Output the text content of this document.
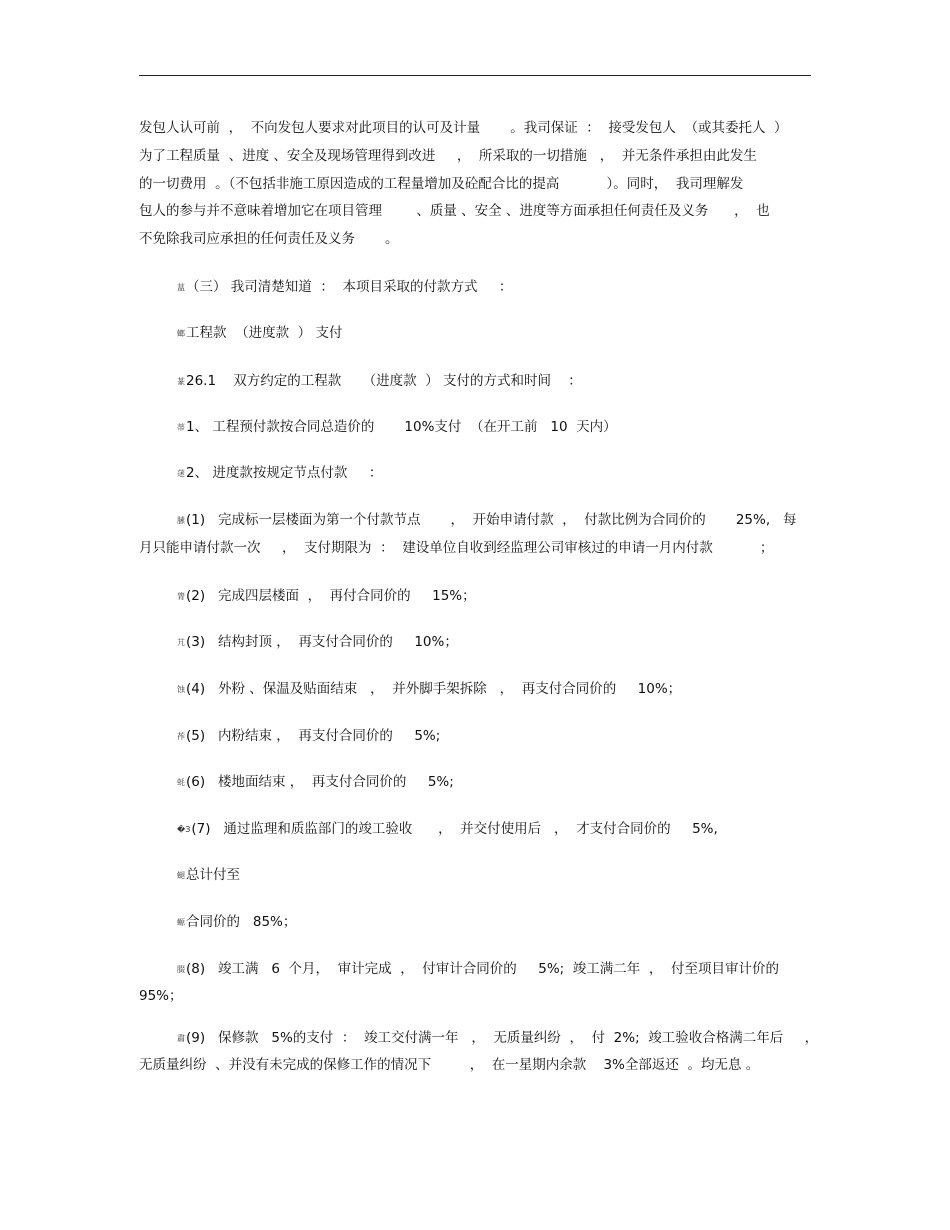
发包人认可前  ，  不向发包人要求对此项目的认可及计量       。我司保证  ：  接受发包人  （或其委托人  ）
为了工程质量  、进度 、安全及现场管理得到改进     ，  所采取的一切措施   ，  并无条件承担由此发生
的一切费用  。（不包括非施工原因造成的工程量增加及砼配合比的提高           ）。同时，  我司理解发
包人的参与并不意味着增加它在项目管理        、质量 、安全 、进度等方面承担任何责任及义务      ，  也
不免除我司应承担的任何责任及义务       。
蒀（三） 我司清楚知道  ：  本项目采取的付款方式     ：
螂工程款  （进度款  ） 支付
蒃26.1    双方约定的工程款     （进度款  ） 支付的方式和时间    ：
蒂1、 工程预付款按合同总造价的       10%支付  （在开工前   10  天内）
蒁2、 进度款按规定节点付款     ：
膆(1)   完成标一层楼面为第一个付款节点       ，  开始申请付款  ，  付款比例为合同价的       25%,   每
月只能申请付款一次     ，  支付期限为  ：  建设单位自收到经监理公司审核过的申请一月内付款           ；
膂(2)   完成四层楼面  ，  再付合同价的     15%；
芁(3)   结构封顶 ，  再支付合同价的     10%；
蚀(4)   外粉 、保温及贴面结束   ，  并外脚手架拆除   ，  再支付合同价的     10%；
莋(5)   内粉结束 ，  再支付合同价的     5%;
蚝(6)   楼地面结束 ，  再支付合同价的     5%;
�З(7)   通过监理和质监部门的竣工验收      ，  并交付使用后   ，  才支付合同价的     5%,
螁总计付至
螈合同价的   85%；
腏(8)   竣工满   6  个月，  审计完成  ，  付审计合同价的     5%;  竣工满二年  ，  付至项目审计价的
95%；
肅(9)   保修款   5%的支付  ：  竣工交付满一年   ，  无质量纠纷  ，  付  2%;  竣工验收合格满二年后     ，
无质量纠纷  、并没有未完成的保修工作的情况下         ，  在一星期内余款    3%全部返还  。均无息 。
